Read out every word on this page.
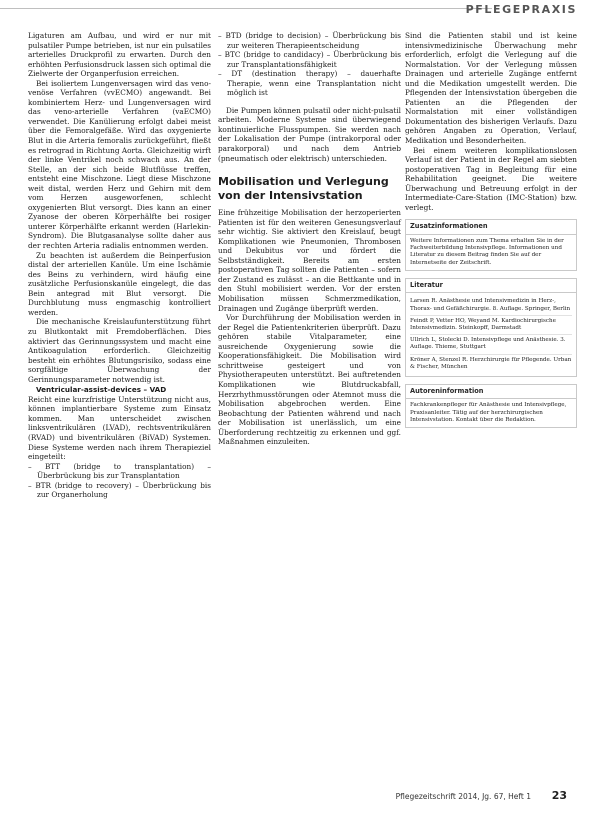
PFLEGEPRAXIS

Ligaturen am Aufbau, und wird er nur mit pulsatiler Pumpe betrieben, ist nur ein pulsatiles arterielles Druckprofil zu erwarten. Durch den erhöhten Perfusionsdruck lassen sich optimal die Zielwerte der Organperfusion erreichen.

Bei isoliertem Lungenversagen wird das veno-venöse Verfahren (vvECMO) angewandt. Bei kombiniertem Herz- und Lungenversagen wird das veno-arterielle Verfahren (vaECMO) verwendet. Die Kanülierung erfolgt dabei meist über die Femoralgefäße. Wird das oxygenierte Blut in die Arteria femoralis zurückgeführt, fließt es retrograd in Richtung Aorta. Gleichzeitig wirft der linke Ventrikel noch schwach aus. An der Stelle, an der sich beide Blutflüsse treffen, entsteht eine Mischzone. Liegt diese Mischzone weit distal, werden Herz und Gehirn mit dem vom Herzen ausgeworfenen, schlecht oxygenierten Blut versorgt. Dies kann an einer Zyanose der oberen Körperhälfte bei rosiger unterer Körperhälfte erkannt werden (Harlekin-Syndrom). Die Blutgasanalyse sollte daher aus der rechten Arteria radialis entnommen werden.

Zu beachten ist außerdem die Beinperfusion distal der arteriellen Kanüle. Um eine Ischämie des Beins zu verhindern, wird häufig eine zusätzliche Perfusionskanüle eingelegt, die das Bein antegrad mit Blut versorgt. Die Durchblutung muss engmaschig kontrolliert werden.

Die mechanische Kreislaufunterstützung führt zu Blutkontakt mit Fremdoberflächen. Dies aktiviert das Gerinnungssystem und macht eine Antikoagulation erforderlich. Gleichzeitig besteht ein erhöhtes Blutungsrisiko, sodass eine sorgfältige Überwachung der Gerinnungsparameter notwendig ist.

Ventricular-assist-devices – VAD

Reicht eine kurzfristige Unterstützung nicht aus, können implantierbare Systeme zum Einsatz kommen. Man unterscheidet zwischen linksventrikulären (LVAD), rechtsventrikulären (RVAD) und biventrikulären (BiVAD) Systemen. Diese Systeme werden nach ihrem Therapieziel eingeteilt:

– BTT (bridge to transplantation) – Überbrückung bis zur Transplantation
– BTR (bridge to recovery) – Überbrückung bis zur Organerholung
– BTD (bridge to decision) – Überbrückung bis zur weiteren Therapieentscheidung
– BTC (bridge to candidacy) – Überbrückung bis zur Transplantationsfähigkeit
– DT (destination therapy) – dauerhafte Therapie, wenn eine Transplantation nicht möglich ist

Die Pumpen können pulsatil oder nicht-pulsatil arbeiten. Moderne Systeme sind überwiegend kontinuierliche Flusspumpen. Sie werden nach der Lokalisation der Pumpe (intrakorporal oder parakorporal) und nach dem Antrieb (pneumatisch oder elektrisch) unterschieden.

Mobilisation und Verlegung von der Intensivstation

Eine frühzeitige Mobilisation der herzoperierten Patienten ist für den weiteren Genesungsverlauf sehr wichtig. Sie aktiviert den Kreislauf, beugt Komplikationen wie Pneumonien, Thrombosen und Dekubitus vor und fördert die Selbstständigkeit. Bereits am ersten postoperativen Tag sollten die Patienten – sofern der Zustand es zulässt – an die Bettkante und in den Stuhl mobilisiert werden. Vor der ersten Mobilisation müssen Schmerzmedikation, Drainagen und Zugänge überprüft werden.

Vor Durchführung der Mobilisation werden in der Regel die Patientenkriterien überprüft. Dazu gehören stabile Vitalparameter, eine ausreichende Oxygenierung sowie die Kooperationsfähigkeit. Die Mobilisation wird schrittweise gesteigert und von Physiotherapeuten unterstützt. Bei auftretenden Komplikationen wie Blutdruckabfall, Herzrhythmusstörungen oder Atemnot muss die Mobilisation abgebrochen werden. Eine Beobachtung der Patienten während und nach der Mobilisation ist unerlässlich, um eine Überforderung rechtzeitig zu erkennen und ggf. Maßnahmen einzuleiten.

Sind die Patienten stabil und ist keine intensivmedizinische Überwachung mehr erforderlich, erfolgt die Verlegung auf die Normalstation. Vor der Verlegung müssen Drainagen und arterielle Zugänge entfernt und die Medikation umgestellt werden. Die Pflegenden der Intensivstation übergeben die Patienten an die Pflegenden der Normalstation mit einer vollständigen Dokumentation des bisherigen Verlaufs. Dazu gehören Angaben zu Operation, Verlauf, Medikation und Besonderheiten.

Bei einem weiteren komplikationslosen Verlauf ist der Patient in der Regel am siebten postoperativen Tag in Begleitung für eine Rehabilitation geeignet. Die weitere Überwachung und Betreuung erfolgt in der Intermediate-Care-Station (IMC-Station) bzw. verlegt.

Zusatzinformationen
Weitere Informationen zum Thema erhalten Sie in der Fachweiterbildung Intensivpflege. Informationen und Literatur zu diesem Beitrag finden Sie auf der Internetseite der Zeitschrift.
Literatur
Larsen R. Anästhesie und Intensivmedizin in Herz-, Thorax- und Gefäßchirurgie. 8. Auflage. Springer, Berlin
Feindt P, Vetter HO, Weyand M. Kardiochirurgische Intensivmedizin. Steinkopff, Darmstadt
Ullrich L, Stolecki D. Intensivpflege und Anästhesie. 3. Auflage. Thieme, Stuttgart
Kröner A, Stenzel R. Herzchirurgie für Pflegende. Urban & Fischer, München
Autoreninformation
Fachkrankenpfleger für Anästhesie und Intensivpflege, Praxisanleiter. Tätig auf der herzchirurgischen Intensivstation. Kontakt über die Redaktion.
Pflegezeitschrift 2014, Jg. 67, Heft 1 23
